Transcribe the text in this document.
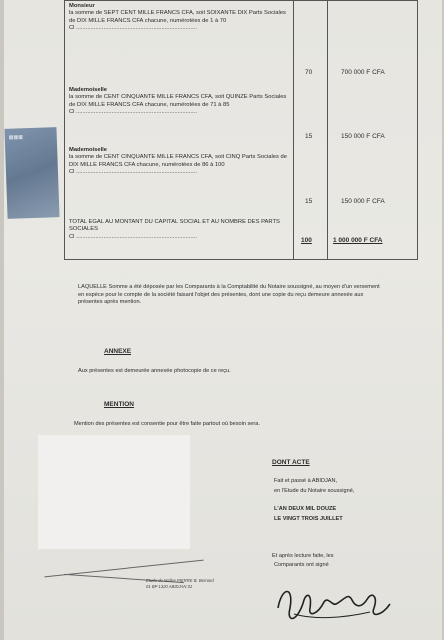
▦▦▦
Monsieur
la somme de SEPT CENT MILLE FRANCS CFA, soit SOIXANTE DIX Parts Sociales de DIX MILLE FRANCS CFA chacune, numérotées de 1 à 70
Cl ...........................................................................
70	700 000 F CFA
Mademoiselle
la somme de CENT CINQUANTE MILLE FRANCS CFA, soit QUINZE Parts Sociales de DIX MILLE FRANCS CFA chacune, numérotées de 71 à 85
Cl ...........................................................................
15	150 000 F CFA
Mademoiselle
la somme de CENT CINQUANTE MILLE FRANCS CFA, soit CINQ Parts Sociales de DIX MILLE FRANCS CFA chacune, numérotées de 86 à 100
Cl ...........................................................................
15	150 000 F CFA
TOTAL EGAL AU MONTANT DU CAPITAL SOCIAL ET AU NOMBRE DES PARTS SOCIALES
Cl ...........................................................................
100	1 000 000 F CFA
LAQUELLE Somme a été déposée par les Comparants à la Comptabilité du Notaire soussigné, au moyen d'un versement en espèce pour le compte de la société faisant l'objet des présentes, dont une copie du reçu demeure annexée aux présentes après mention.
ANNEXE
Aux présentes est demeurée annexée photocopie de ce reçu.
MENTION
Mention des présentes est consentie pour être faite partout où besoin sera.
DONT ACTE
Fait et passé à ABIDJAN,
en l'Etude du Notaire soussigné,
L'AN DEUX MIL DOUZE
LE VINGT TROIS JUILLET
Et après lecture faite, les
Comparants ont signé
Etude de Maître PIERRE B. Bernard
01 BP 1320 ABIDJAN 01
